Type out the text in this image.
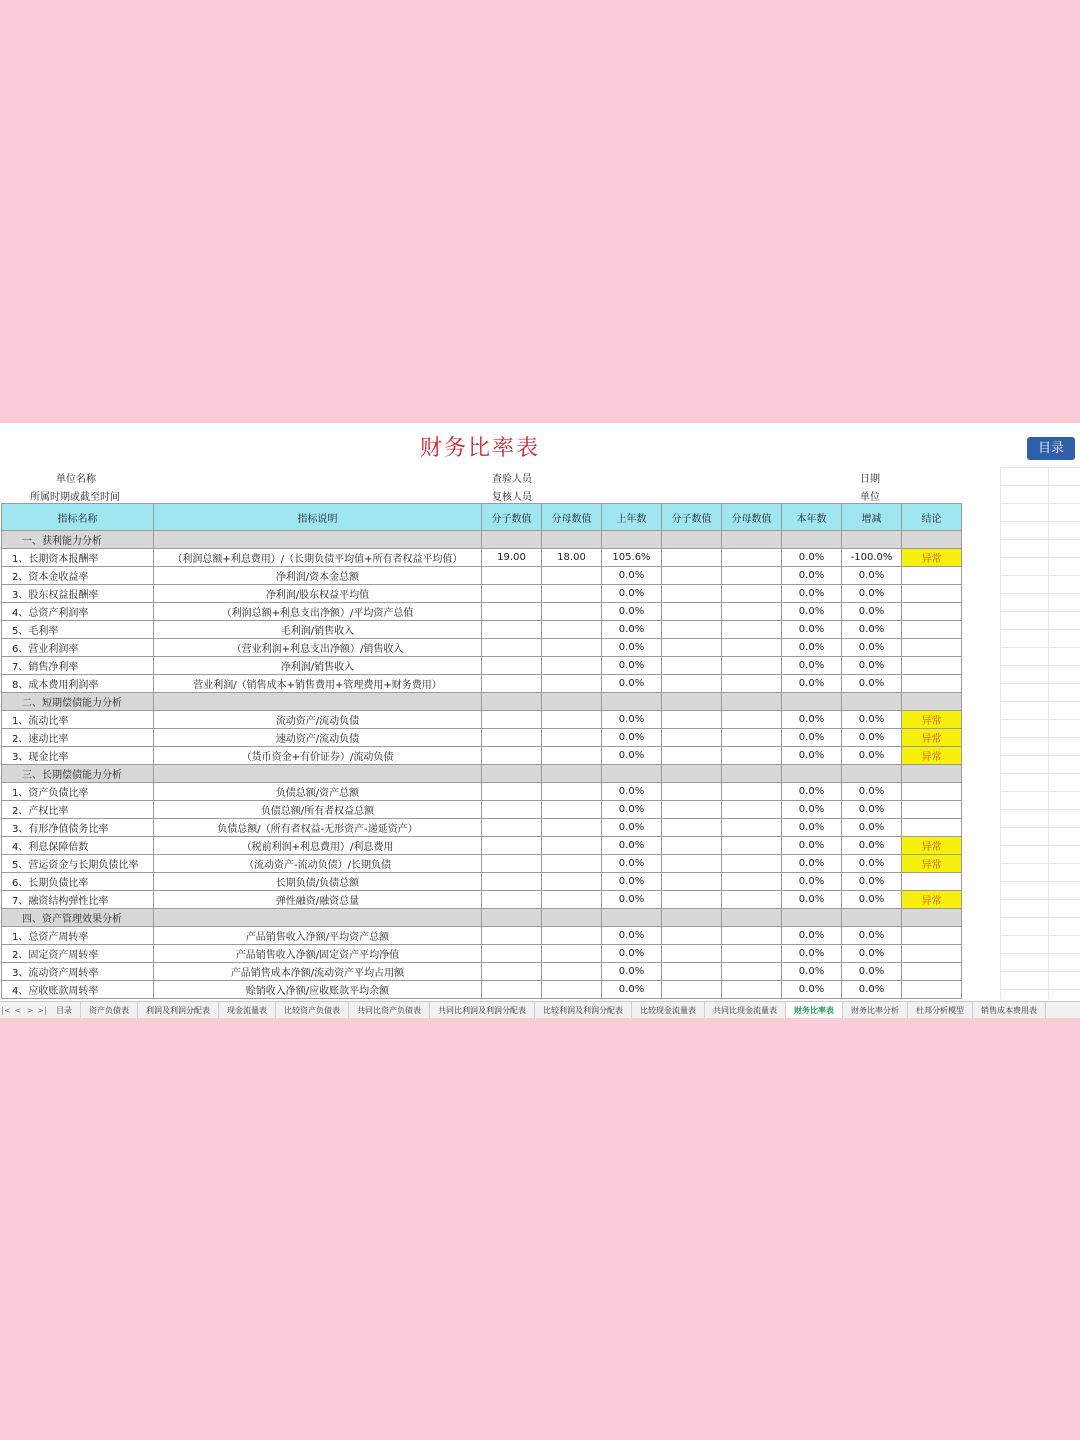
财务比率表	目录
单位名称
所属时期或截至时间
查验人员
复核人员
日期
单位
指标名称	指标说明	分子数值	分母数值	上年数	分子数值	分母数值	本年数	增减	结论
一、获利能力分析									
1、长期资本报酬率	（利润总额+利息费用）/（长期负债平均值+所有者权益平均值）	19.00	18.00	105.6%			0.0%	-100.0%	异常
2、资本金收益率	净利润/资本金总额			0.0%			0.0%	0.0%	
3、股东权益报酬率	净利润/股东权益平均值			0.0%			0.0%	0.0%	
4、总资产利润率	（利润总额+利息支出净额）/平均资产总值			0.0%			0.0%	0.0%	
5、毛利率	毛利润/销售收入			0.0%			0.0%	0.0%	
6、营业利润率	（营业利润+利息支出净额）/销售收入			0.0%			0.0%	0.0%	
7、销售净利率	净利润/销售收入			0.0%			0.0%	0.0%	
8、成本费用利润率	营业利润/（销售成本+销售费用+管理费用+财务费用）			0.0%			0.0%	0.0%	
二、短期偿债能力分析									
1、流动比率	流动资产/流动负债			0.0%			0.0%	0.0%	异常
2、速动比率	速动资产/流动负债			0.0%			0.0%	0.0%	异常
3、现金比率	（货币资金+有价证券）/流动负债			0.0%			0.0%	0.0%	异常
三、长期偿债能力分析									
1、资产负债比率	负债总额/资产总额			0.0%			0.0%	0.0%	
2、产权比率	负债总额/所有者权益总额			0.0%			0.0%	0.0%	
3、有形净值债务比率	负债总额/（所有者权益-无形资产-递延资产）			0.0%			0.0%	0.0%	
4、利息保障倍数	（税前利润+利息费用）/利息费用			0.0%			0.0%	0.0%	异常
5、营运资金与长期负债比率	（流动资产-流动负债）/长期负债			0.0%			0.0%	0.0%	异常
6、长期负债比率	长期负债/负债总额			0.0%			0.0%	0.0%	
7、融资结构弹性比率	弹性融资/融资总量			0.0%			0.0%	0.0%	异常
四、资产管理效果分析									
1、总资产周转率	产品销售收入净额/平均资产总额			0.0%			0.0%	0.0%	
2、固定资产周转率	产品销售收入净额/固定资产平均净值			0.0%			0.0%	0.0%	
3、流动资产周转率	产品销售成本净额/流动资产平均占用额			0.0%			0.0%	0.0%	
4、应收账款周转率	赊销收入净额/应收账款平均余额			0.0%			0.0%	0.0%	
|< < > >| 目录 资产负债表 利润及利润分配表 现金流量表 比较资产负债表 共同比资产负债表 共同比利润及利润分配表 比较利润及利润分配表 比较现金流量表 共同比现金流量表 财务比率表 财务比率分析 杜邦分析模型 销售成本费用表
